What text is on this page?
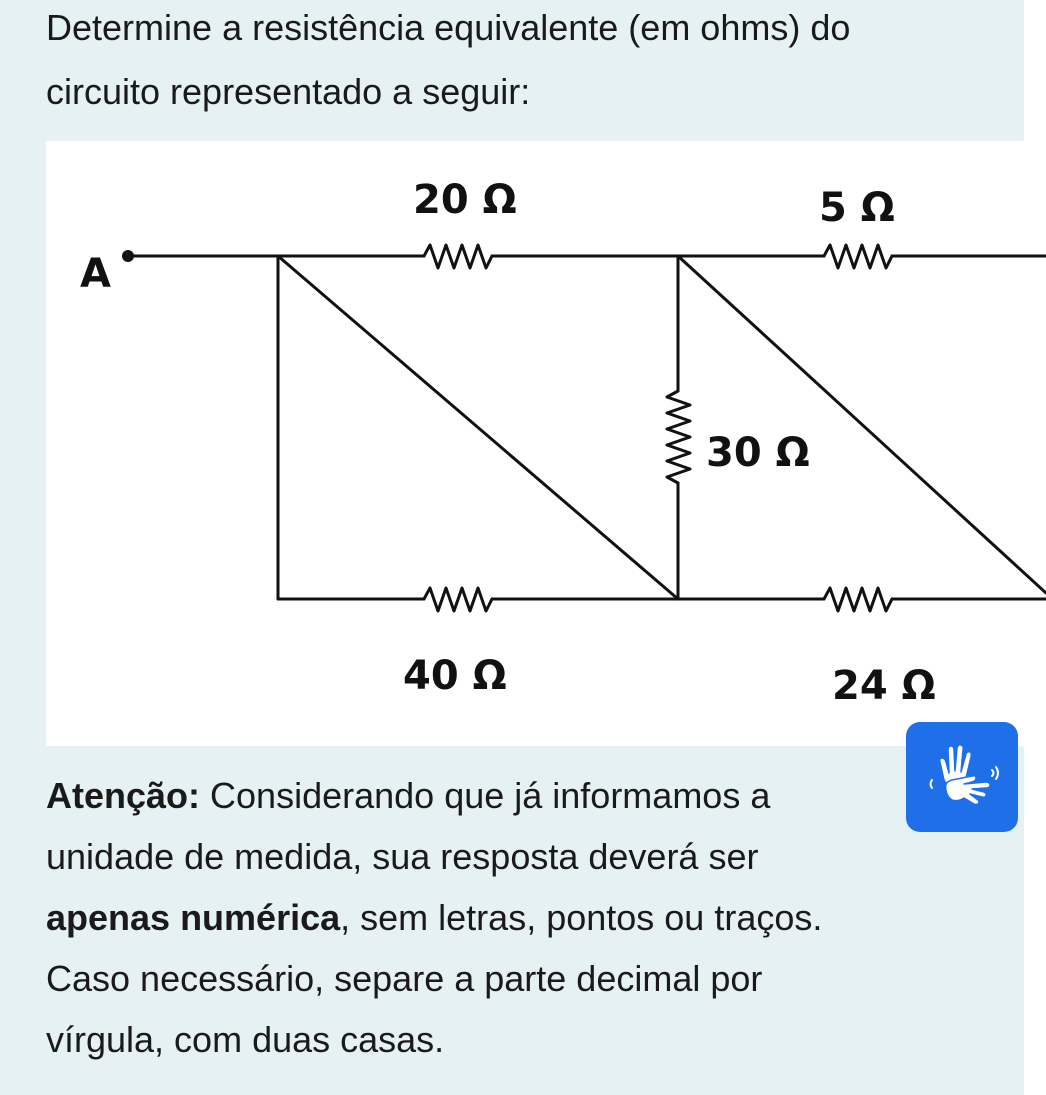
Determine a resistência equivalente (em ohms) do
circuito representado a seguir:

A
20 Ω	5 Ω
30 Ω
40 Ω	24 Ω

Atenção: Considerando que já informamos a
unidade de medida, sua resposta deverá ser
apenas numérica, sem letras, pontos ou traços.
Caso necessário, separe a parte decimal por
vírgula, com duas casas.
